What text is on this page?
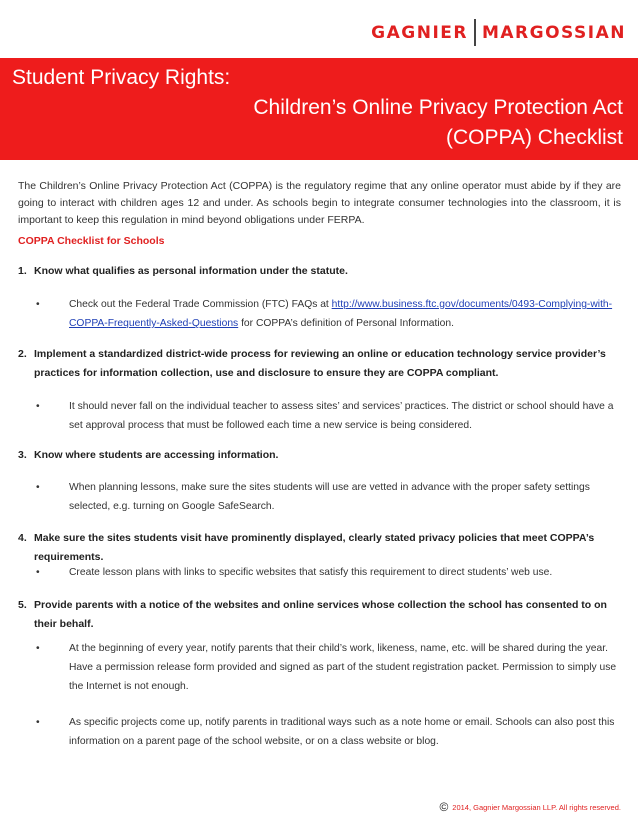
GAGNIER MARGOSSIAN
Student Privacy Rights:
Children’s Online Privacy Protection Act
(COPPA) Checklist
The Children’s Online Privacy Protection Act (COPPA) is the regulatory regime that any online operator must abide by if they are going to interact with children ages 12 and under. As schools begin to integrate consumer technologies into the classroom, it is important to keep this regulation in mind beyond obligations under FERPA.
COPPA Checklist for Schools
1. Know what qualifies as personal information under the statute.
•	Check out the Federal Trade Commission (FTC) FAQs at http://www.business.ftc.gov/documents/0493-Complying-with-COPPA-Frequently-Asked-Questions for COPPA’s definition of Personal Information.
2. Implement a standardized district-wide process for reviewing an online or education technology service provider’s practices for information collection, use and disclosure to ensure they are COPPA compliant.
•	It should never fall on the individual teacher to assess sites’ and services’ practices. The district or school should have a set approval process that must be followed each time a new service is being considered.
3. Know where students are accessing information.
•	When planning lessons, make sure the sites students will use are vetted in advance with the proper safety settings selected, e.g. turning on Google SafeSearch.
4. Make sure the sites students visit have prominently displayed, clearly stated privacy policies that meet COPPA’s requirements.
•	Create lesson plans with links to specific websites that satisfy this requirement to direct students’ web use.
5. Provide parents with a notice of the websites and online services whose collection the school has consented to on their behalf.
•	At the beginning of every year, notify parents that their child’s work, likeness, name, etc. will be shared during the year. Have a permission release form provided and signed as part of the student registration packet. Permission to simply use the Internet is not enough.
•	As specific projects come up, notify parents in traditional ways such as a note home or email. Schools can also post this information on a parent page of the school website, or on a class website or blog.
© 2014, Gagnier Margossian LLP. All rights reserved.
